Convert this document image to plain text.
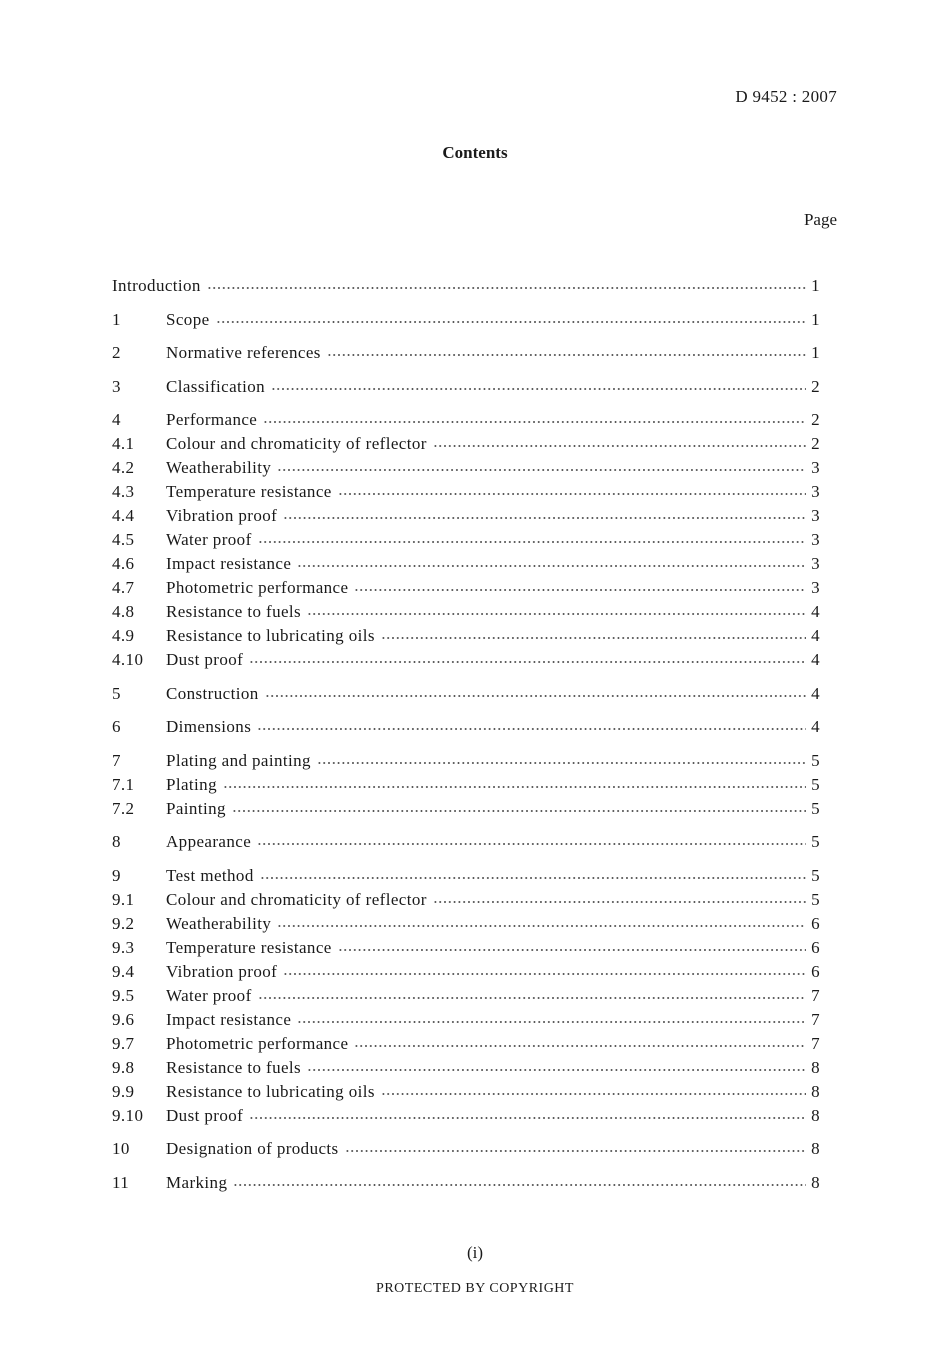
D 9452 : 2007
Contents
Page
Introduction	1
1	Scope	1
2	Normative references	1
3	Classification	2
4	Performance	2
4.1	Colour and chromaticity of reflector	2
4.2	Weatherability	3
4.3	Temperature resistance	3
4.4	Vibration proof	3
4.5	Water proof	3
4.6	Impact resistance	3
4.7	Photometric performance	3
4.8	Resistance to fuels	4
4.9	Resistance to lubricating oils	4
4.10	Dust proof	4
5	Construction	4
6	Dimensions	4
7	Plating and painting	5
7.1	Plating	5
7.2	Painting	5
8	Appearance	5
9	Test method	5
9.1	Colour and chromaticity of reflector	5
9.2	Weatherability	6
9.3	Temperature resistance	6
9.4	Vibration proof	6
9.5	Water proof	7
9.6	Impact resistance	7
9.7	Photometric performance	7
9.8	Resistance to fuels	8
9.9	Resistance to lubricating oils	8
9.10	Dust proof	8
10	Designation of products	8
11	Marking	8
(i)
PROTECTED BY COPYRIGHT
